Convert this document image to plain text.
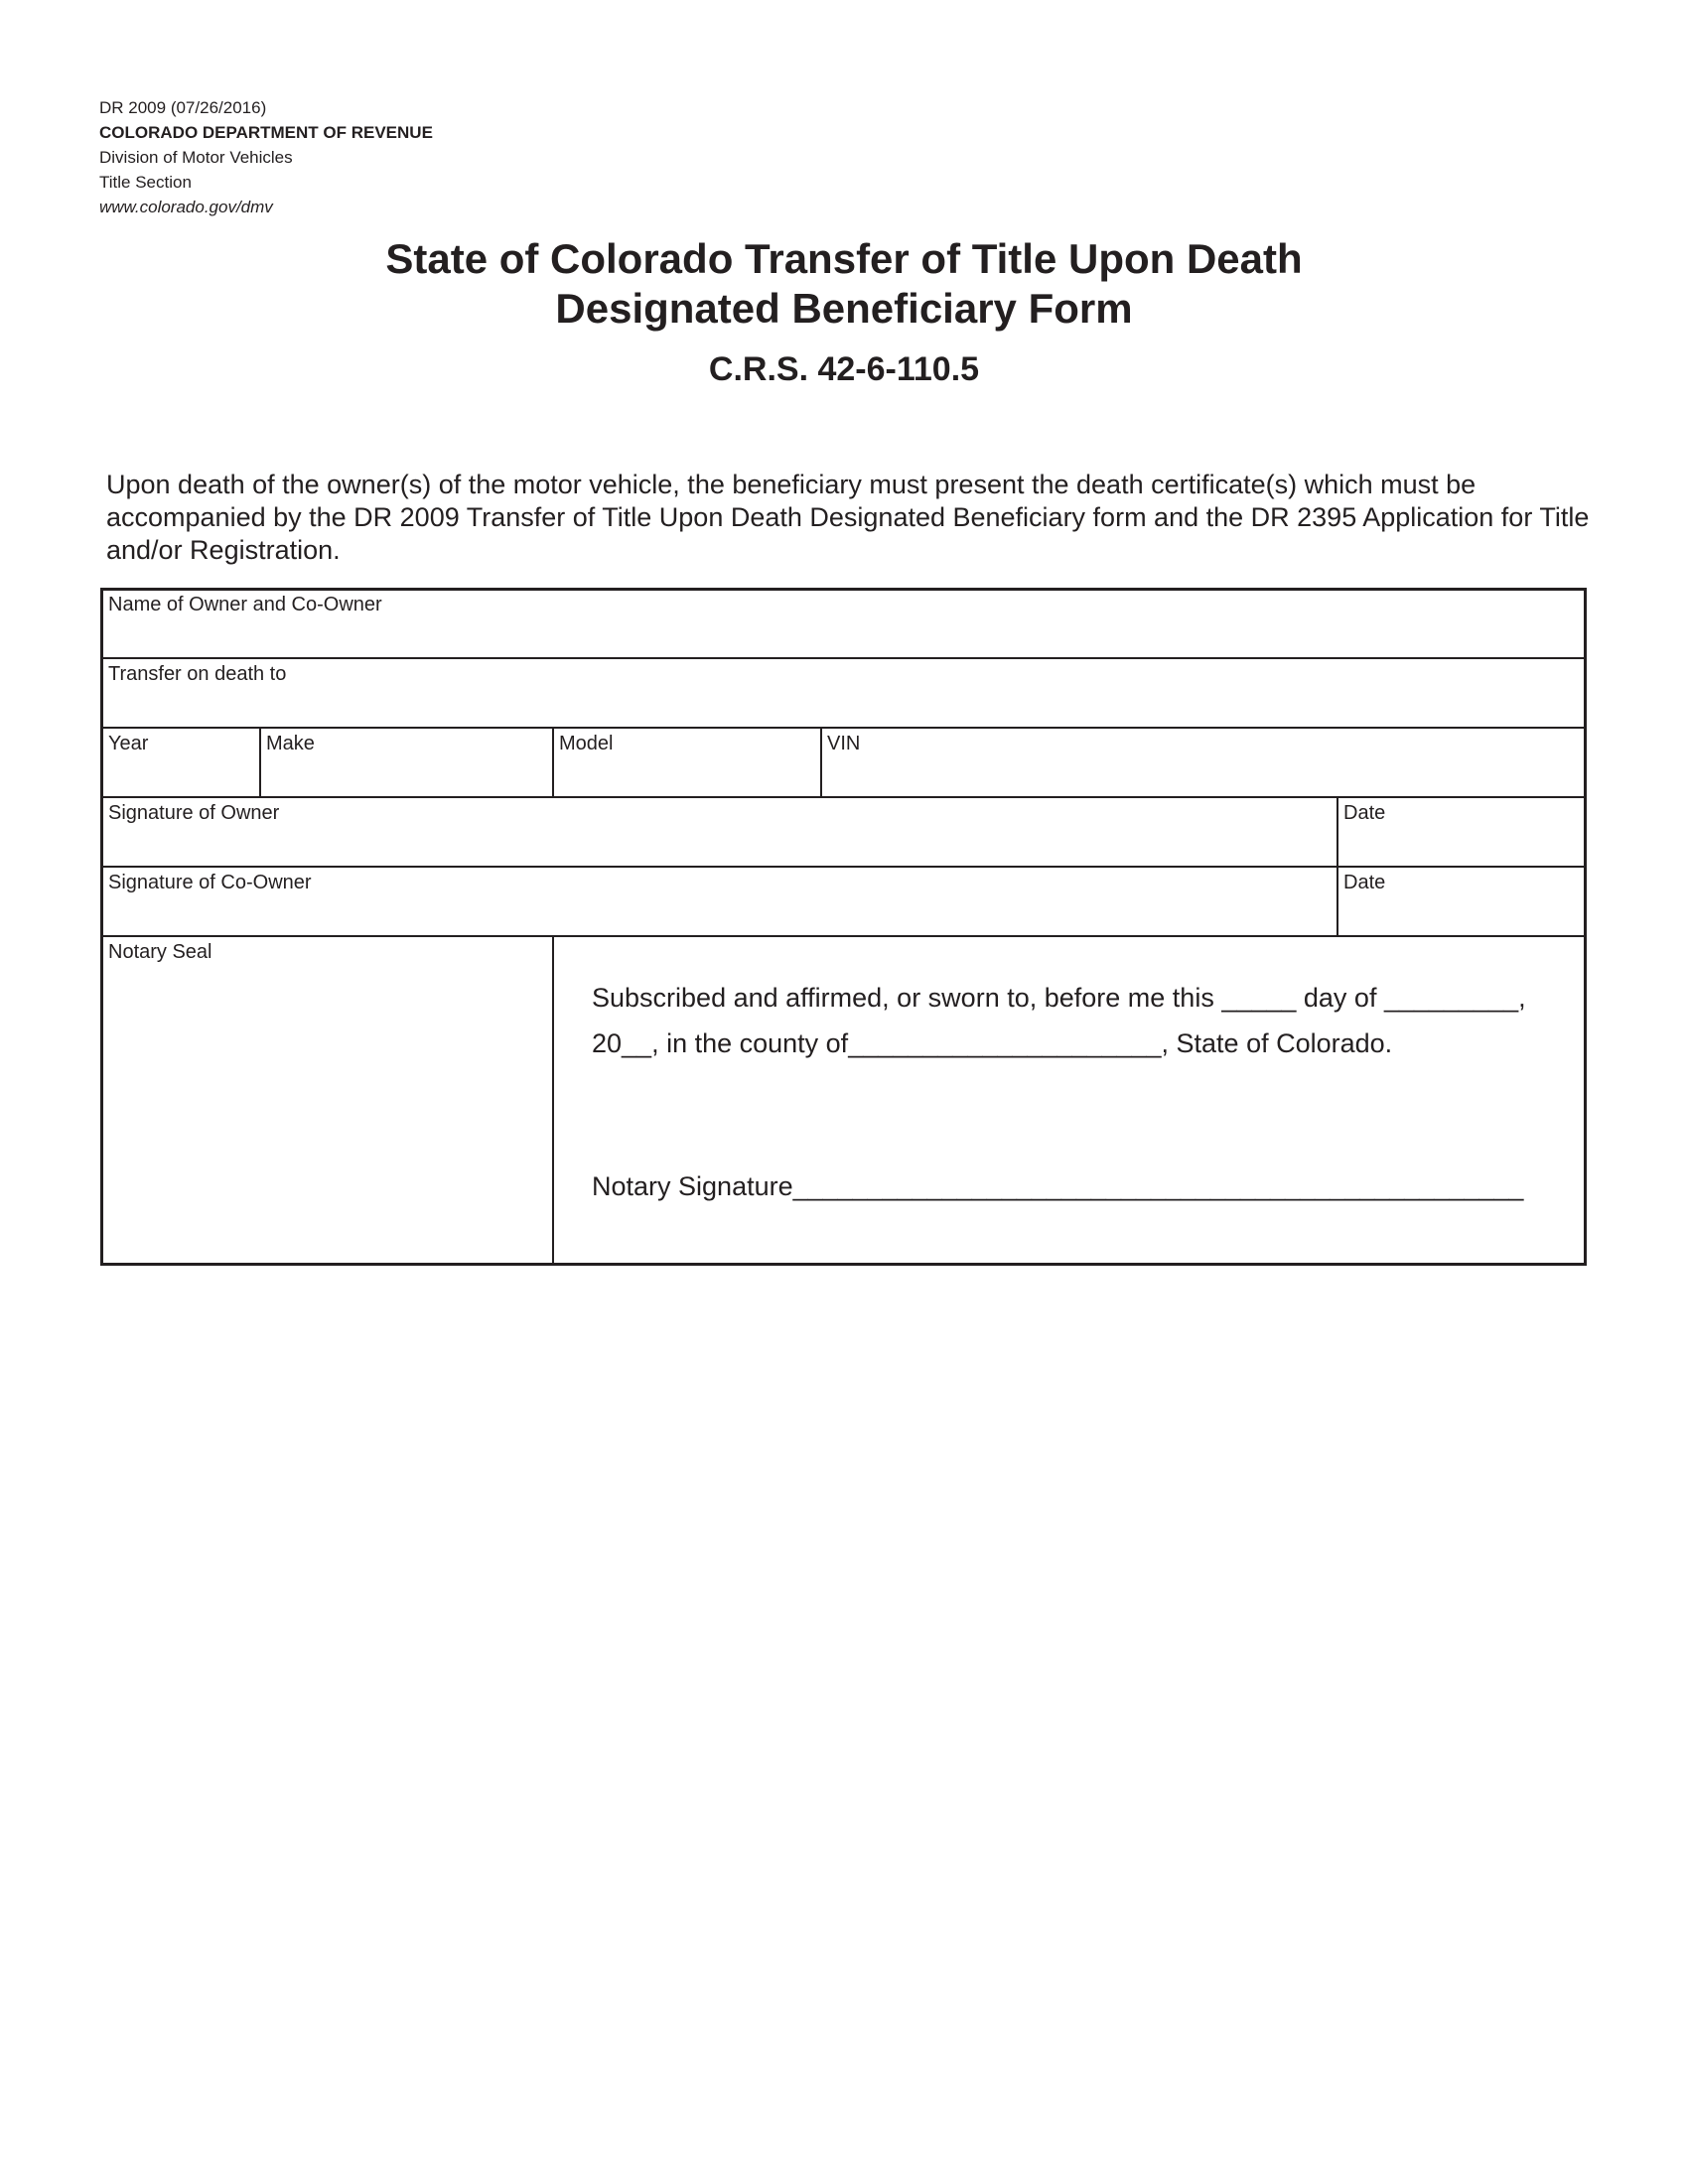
DR 2009 (07/26/2016)
COLORADO DEPARTMENT OF REVENUE
Division of Motor Vehicles
Title Section
www.colorado.gov/dmv
State of Colorado Transfer of Title Upon Death
Designated Beneficiary Form
C.R.S. 42-6-110.5
Upon death of the owner(s) of the motor vehicle, the beneficiary must present the death certificate(s) which must be accompanied by the DR 2009 Transfer of Title Upon Death Designated Beneficiary form and the DR 2395 Application for Title and/or Registration.
Name of Owner and Co-Owner
Transfer on death to
Year	Make	Model	VIN
Signature of Owner	Date
Signature of Co-Owner	Date
Notary Seal
Subscribed and affirmed, or sworn to, before me this _____ day of _________,
20__, in the county of_____________________, State of Colorado.
Notary Signature_________________________________________________
